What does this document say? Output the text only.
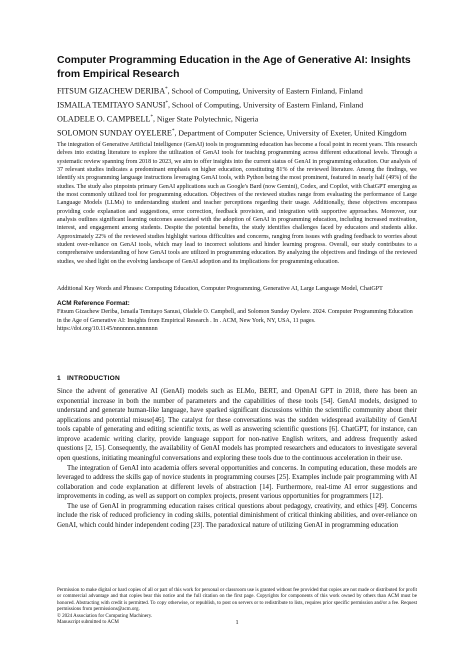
Computer Programming Education in the Age of Generative AI: Insights from Empirical Research
FITSUM GIZACHEW DERIBA*, School of Computing, University of Eastern Finland, Finland
ISMAILA TEMITAYO SANUSI*, School of Computing, University of Eastern Finland, Finland
OLADELE O. CAMPBELL*, Niger State Polytechnic, Nigeria
SOLOMON SUNDAY OYELERE*, Department of Computer Science, University of Exeter, United Kingdom

The integration of Generative Artificial Intelligence (GenAI) tools in programming education has become a focal point in recent years. This research delves into existing literature to explore the utilization of GenAI tools for teaching programming across different educational levels. Through a systematic review spanning from 2018 to 2023, we aim to offer insights into the current status of GenAI in programming education. Our analysis of 37 relevant studies indicates a predominant emphasis on higher education, constituting 81% of the reviewed literature. Among the findings, we identify six programming language instructions leveraging GenAI tools, with Python being the most prominent, featured in nearly half (49%) of the studies. The study also pinpoints primary GenAI applications such as Google's Bard (now Gemini), Codex, and Copilot, with ChatGPT emerging as the most commonly utilized tool for programming education. Objectives of the reviewed studies range from evaluating the performance of Large Language Models (LLMs) to understanding student and teacher perceptions regarding their usage. Additionally, these objectives encompass providing code explanation and suggestions, error correction, feedback provision, and integration with supportive approaches. Moreover, our analysis outlines significant learning outcomes associated with the adoption of GenAI in programming education, including increased motivation, interest, and engagement among students. Despite the potential benefits, the study identifies challenges faced by educators and students alike. Approximately 22% of the reviewed studies highlight various difficulties and concerns, ranging from issues with grading feedback to worries about student over-reliance on GenAI tools, which may lead to incorrect solutions and hinder learning progress. Overall, our study contributes to a comprehensive understanding of how GenAI tools are utilized in programming education. By analyzing the objectives and findings of the reviewed studies, we shed light on the evolving landscape of GenAI adoption and its implications for programming education.

Additional Key Words and Phrases: Computing Education, Computer Programming, Generative AI, Large Language Model, ChatGPT
ACM Reference Format:
Fitsum Gizachew Deriba, Ismaila Temitayo Sanusi, Oladele O. Campbell, and Solomon Sunday Oyelere. 2024. Computer Programming Education in the Age of Generative AI: Insights from Empirical Research . In . ACM, New York, NY, USA, 11 pages. https://doi.org/10.1145/nnnnnnn.nnnnnnn
1 INTRODUCTION

Since the advent of generative AI (GenAI) models such as ELMo, BERT, and OpenAI GPT in 2018, there has been an exponential increase in both the number of parameters and the capabilities of these tools [54]. GenAI models, designed to understand and generate human-like language, have sparked significant discussions within the scientific community about their applications and potential misuse[46]. The catalyst for these conversations was the sudden widespread availability of GenAI tools capable of generating and editing scientific texts, as well as answering scientific questions [6]. ChatGPT, for instance, can improve academic writing clarity, provide language support for non-native English writers, and address frequently asked questions [2, 15]. Consequently, the availability of GenAI models has prompted researchers and educators to investigate several open questions, initiating meaningful conversations and exploring these tools due to the continuous acceleration in their use.

The integration of GenAI into academia offers several opportunities and concerns. In computing education, these models are leveraged to address the skills gap of novice students in programming courses [25]. Examples include pair programming with AI collaboration and code explanation at different levels of abstraction [14]. Furthermore, real-time AI error suggestions and improvements in coding, as well as support on complex projects, present various opportunities for programmers [12].

The use of GenAI in programming education raises critical questions about pedagogy, creativity, and ethics [49]. Concerns include the risk of reduced proficiency in coding skills, potential diminishment of critical thinking abilities, and over-reliance on GenAI, which could hinder independent coding [23]. The paradoxical nature of utilizing GenAI in programming education

Permission to make digital or hard copies of all or part of this work for personal or classroom use is granted without fee provided that copies are not made or distributed for profit or commercial advantage and that copies bear this notice and the full citation on the first page. Copyrights for components of this work owned by others than ACM must be honored. Abstracting with credit is permitted. To copy otherwise, or republish, to post on servers or to redistribute to lists, requires prior specific permission and/or a fee. Request permissions from permissions@acm.org.

© 2024 Association for Computing Machinery.

Manuscript submitted to ACM	1
